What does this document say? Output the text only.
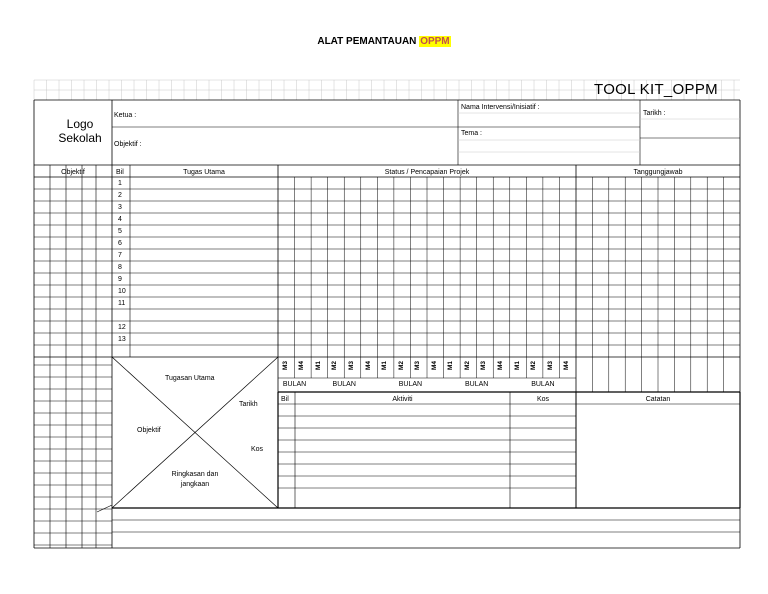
ALAT PEMANTAUAN OPPM
Logo
Sekolah
Ketua :
Objektif :
Nama Intervensi/Inisiatif :
Tema :
TOOL KIT_OPPM
Tarikh :
Objektif	Bil	Tugas Utama	Status / Pencapaian Projek	Tanggungjawab
1
2
3
4
5
6
7
8
9
10
11
12
13
M3 M4 M1 M2 M3 M4 M1 M2 M3 M4 M1 M2 M3 M4 M1 M2 M3 M4
BULAN	BULAN	BULAN	BULAN	BULAN
Tugasan Utama
Tarikh
Objektif
Kos
Ringkasan dan
jangkaan
Bil	Aktiviti	Kos	Catatan
